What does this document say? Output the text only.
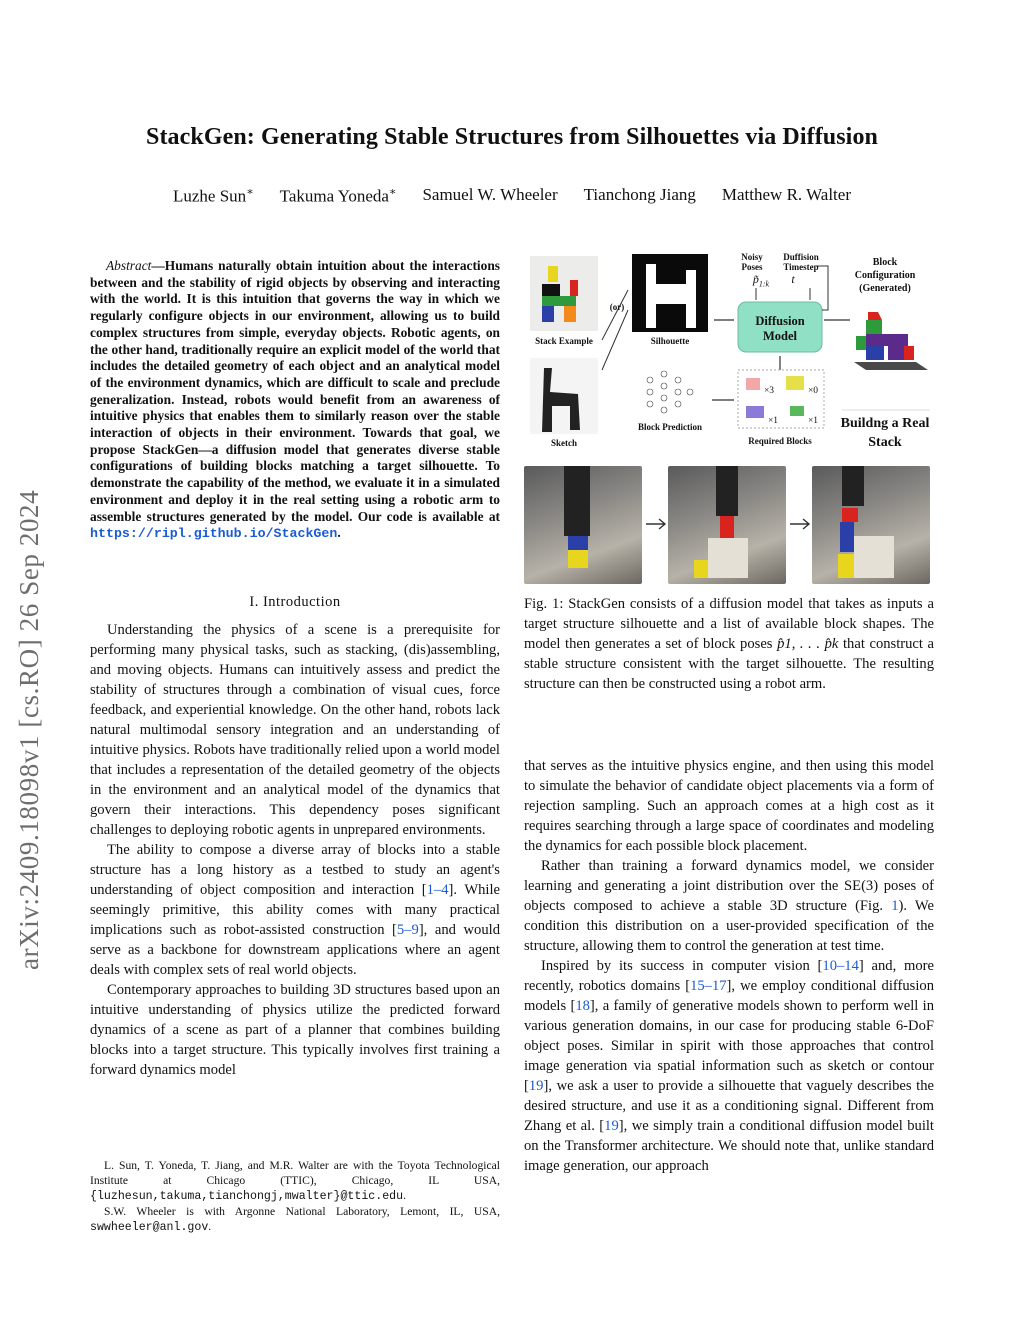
StackGen: Generating Stable Structures from Silhouettes via Diffusion
Luzhe Sun∗ Takuma Yoneda∗ Samuel W. Wheeler Tianchong Jiang Matthew R. Walter
arXiv:2409.18098v1 [cs.RO] 26 Sep 2024
Abstract—Humans naturally obtain intuition about the interactions between and the stability of rigid objects by observing and interacting with the world. It is this intuition that governs the way in which we regularly configure objects in our environment, allowing us to build complex structures from simple, everyday objects. Robotic agents, on the other hand, traditionally require an explicit model of the world that includes the detailed geometry of each object and an analytical model of the environment dynamics, which are difficult to scale and preclude generalization. Instead, robots would benefit from an awareness of intuitive physics that enables them to similarly reason over the stable interaction of objects in their environment. Towards that goal, we propose StackGen—a diffusion model that generates diverse stable configurations of building blocks matching a target silhouette. To demonstrate the capability of the method, we evaluate it in a simulated environment and deploy it in the real setting using a robotic arm to assemble structures generated by the model. Our code is available at https://ripl.github.io/StackGen.
I. Introduction

Understanding the physics of a scene is a prerequisite for performing many physical tasks, such as stacking, (dis)assembling, and moving objects. Humans can intuitively assess and predict the stability of structures through a combination of visual cues, force feedback, and experiential knowledge. On the other hand, robots lack natural multimodal sensory integration and an understanding of intuitive physics. Robots have traditionally relied upon a world model that includes a representation of the detailed geometry of the objects in the environment and an analytical model of the dynamics that govern their interactions. This dependency poses significant challenges to deploying robotic agents in unprepared environments.

The ability to compose a diverse array of blocks into a stable structure has a long history as a testbed to study an agent's understanding of object composition and interaction [1–4]. While seemingly primitive, this ability comes with many practical implications such as robot-assisted construction [5–9], and would serve as a backbone for downstream applications where an agent deals with complex sets of real world objects.

Contemporary approaches to building 3D structures based upon an intuitive understanding of physics utilize the predicted forward dynamics of a scene as part of a planner that combines building blocks into a target structure. This typically involves first training a forward dynamics model

L. Sun, T. Yoneda, T. Jiang, and M.R. Walter are with the Toyota Technological Institute at Chicago (TTIC), Chicago, IL USA, {luzhesun,takuma,tianchongj,mwalter}@ttic.edu.

S.W. Wheeler is with Argonne National Laboratory, Lemont, IL, USA, swwheeler@anl.gov.

Stack Example
(or)
Silhouette
Sketch
Block Prediction
Noisy Poses
$p̃_{1:k}$
Duffision Timestep
t
Diffusion Model
Block Configuration (Generated)
Required Blocks
×3	×0
×1	×1 Buildng a Real Stack
Fig. 1: StackGen consists of a diffusion model that takes as inputs a target structure silhouette and a list of available block shapes. The model then generates a set of block poses p̂1, . . . p̂k that construct a stable structure consistent with the target silhouette. The resulting structure can then be constructed using a robot arm.

that serves as the intuitive physics engine, and then using this model to simulate the behavior of candidate object placements via a form of rejection sampling. Such an approach comes at a high cost as it requires searching through a large space of coordinates and modeling the dynamics for each possible block placement.

Rather than training a forward dynamics model, we consider learning and generating a joint distribution over the SE(3) poses of objects composed to achieve a stable 3D structure (Fig. 1). We condition this distribution on a user-provided specification of the structure, allowing them to control the generation at test time.

Inspired by its success in computer vision [10–14] and, more recently, robotics domains [15–17], we employ conditional diffusion models [18], a family of generative models shown to perform well in various generation domains, in our case for producing stable 6-DoF object poses. Similar in spirit with those approaches that control image generation via spatial information such as sketch or contour [19], we ask a user to provide a silhouette that vaguely describes the desired structure, and use it as a conditioning signal. Different from Zhang et al. [19], we simply train a conditional diffusion model built on the Transformer architecture. We should note that, unlike standard image generation, our approach
